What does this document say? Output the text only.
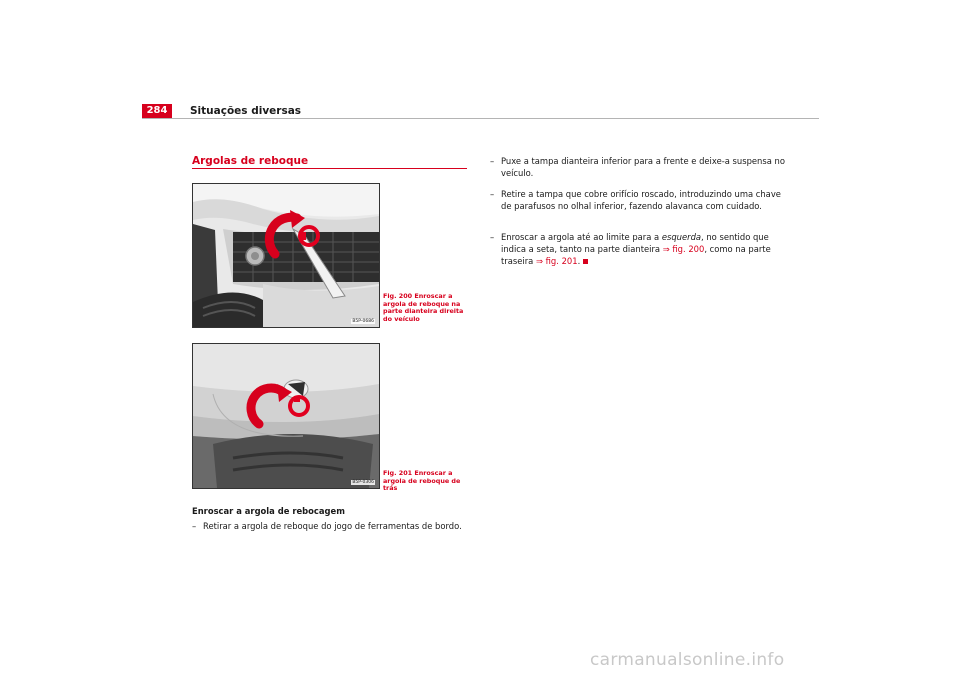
284	Situações diversas
Argolas de reboque
B5P-0686
Fig. 200 Enroscar a argola de reboque na parte dianteira direita do veículo
B5P-0306
Fig. 201 Enroscar a argola de reboque de trás
Enroscar a argola de rebocagem
– Retirar a argola de reboque do jogo de ferramentas de bordo.
– Puxe a tampa dianteira inferior para a frente e deixe-a suspensa no veículo.
– Retire a tampa que cobre orifício roscado, introduzindo uma chave de parafusos no olhal inferior, fazendo alavanca com cuidado.
– Enroscar a argola até ao limite para a esquerda, no sentido que indica a seta, tanto na parte dianteira ⇒ fig. 200, como na parte traseira ⇒ fig. 201.
carmanualsonline.info
